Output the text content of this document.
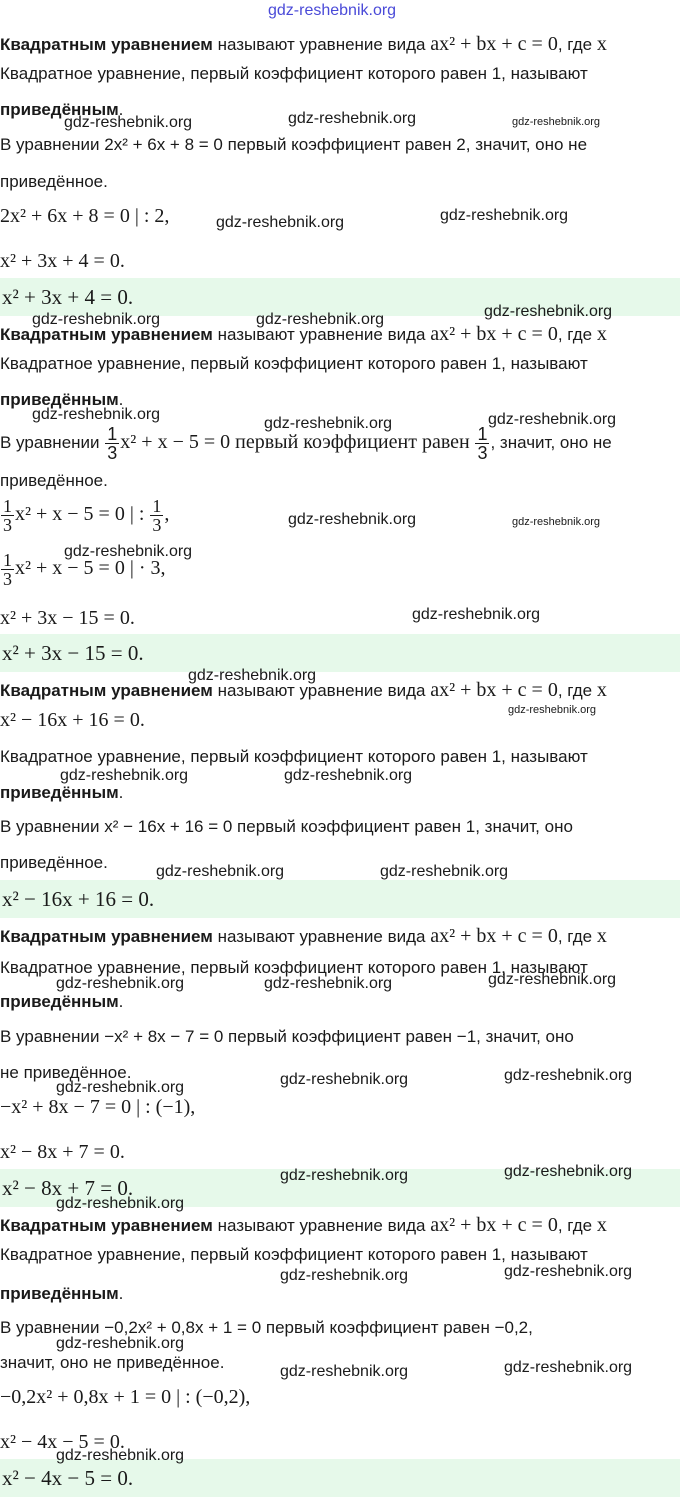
gdz-reshebnik.org
Квадратным уравнением называют уравнение вида ax² + bx + c = 0, где x
Квадратное уравнение, первый коэффициент которого равен 1, называют
приведённым.
В уравнении 2x² + 6x + 8 = 0 первый коэффициент равен 2, значит, оно не
приведённое.
2x² + 6x + 8 = 0 | : 2,
x² + 3x + 4 = 0.
x² + 3x + 4 = 0.
Квадратным уравнением называют уравнение вида ax² + bx + c = 0, где x
Квадратное уравнение, первый коэффициент которого равен 1, называют
приведённым.
В уравнении $\frac{1}{3} x^2 + x - 5 = 0$ первый коэффициент равен $\frac{1}{3}$ , значит, оно не
приведённое.
$\frac{1}{3} x^2 + x - 5 = 0$ | : $\frac{1}{3}$ ,
$\frac{1}{3} x^2 + x - 5 = 0$ | · 3,
x² + 3x − 15 = 0.
x² + 3x − 15 = 0.
Квадратным уравнением называют уравнение вида ax² + bx + c = 0, где x
x² − 16x + 16 = 0.
Квадратное уравнение, первый коэффициент которого равен 1, называют
приведённым.
В уравнении x² − 16x + 16 = 0 первый коэффициент равен 1, значит, оно
приведённое.
x² − 16x + 16 = 0.
Квадратным уравнением называют уравнение вида ax² + bx + c = 0, где x
Квадратное уравнение, первый коэффициент которого равен 1, называют
приведённым.
В уравнении −x² + 8x − 7 = 0 первый коэффициент равен −1, значит, оно
не приведённое.
−x² + 8x − 7 = 0 | : (−1),
x² − 8x + 7 = 0.
x² − 8x + 7 = 0.
Квадратным уравнением называют уравнение вида ax² + bx + c = 0, где x
Квадратное уравнение, первый коэффициент которого равен 1, называют
приведённым.
В уравнении −0,2x² + 0,8x + 1 = 0 первый коэффициент равен −0,2,
значит, оно не приведённое.
−0,2x² + 0,8x + 1 = 0 | : (−0,2),
x² − 4x − 5 = 0.
x² − 4x − 5 = 0.
gdz-reshebnik.org	gdz-reshebnik.org	gdz-reshebnik.org
gdz-reshebnik.org	gdz-reshebnik.org
gdz-reshebnik.org
gdz-reshebnik.org	gdz-reshebnik.org
gdz-reshebnik.org
gdz-reshebnik.org	gdz-reshebnik.org
gdz-reshebnik.org	gdz-reshebnik.org
gdz-reshebnik.org
gdz-reshebnik.org
gdz-reshebnik.org
gdz-reshebnik.org
gdz-reshebnik.org	gdz-reshebnik.org
gdz-reshebnik.org	gdz-reshebnik.org
gdz-reshebnik.org	gdz-reshebnik.org	gdz-reshebnik.org
gdz-reshebnik.org	gdz-reshebnik.org	gdz-reshebnik.org
gdz-reshebnik.org	gdz-reshebnik.org
gdz-reshebnik.org
gdz-reshebnik.org	gdz-reshebnik.org
gdz-reshebnik.org
gdz-reshebnik.org	gdz-reshebnik.org
gdz-reshebnik.org
